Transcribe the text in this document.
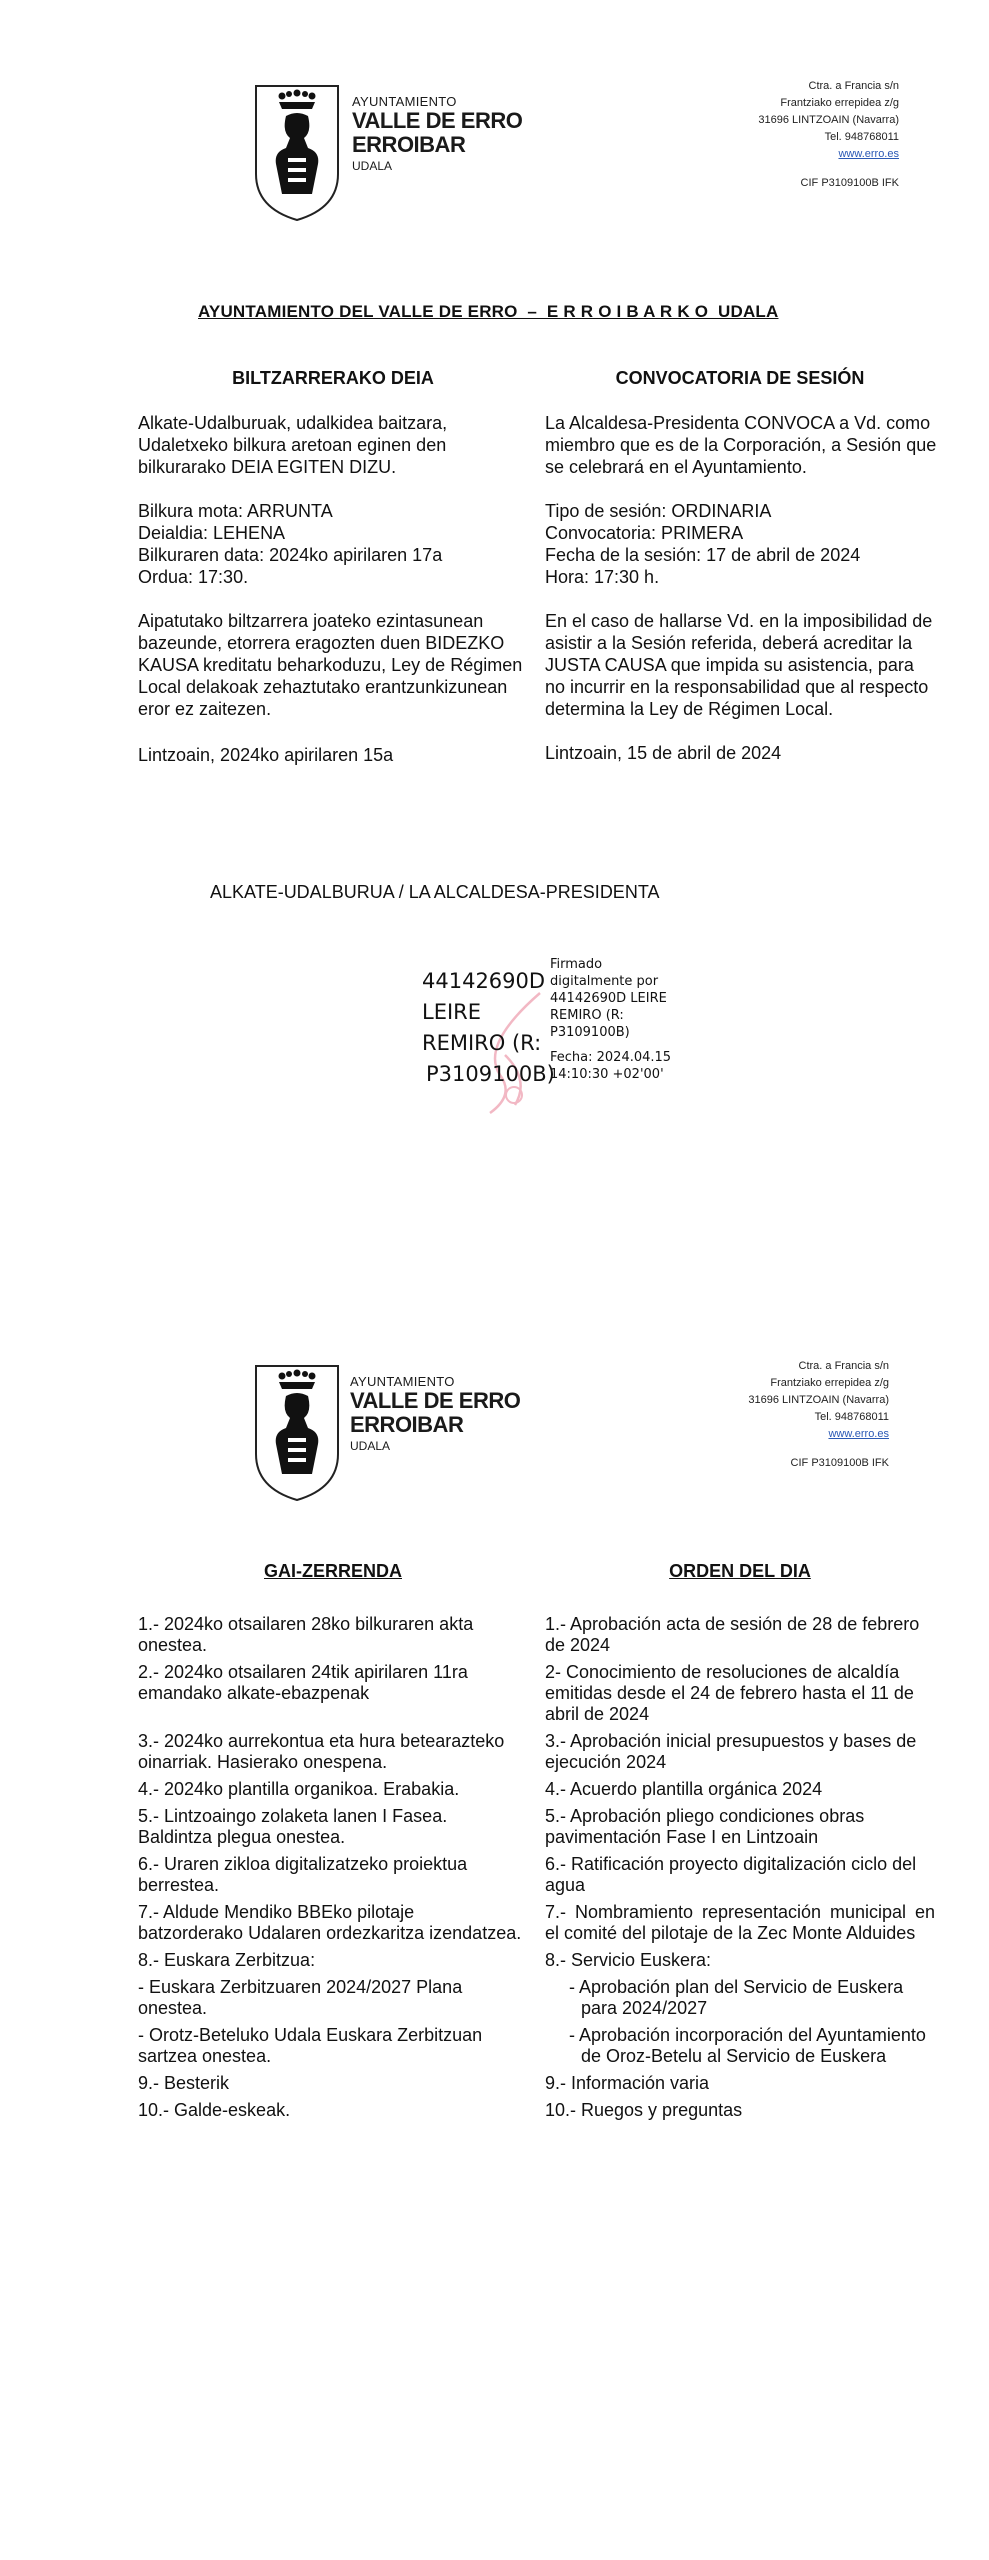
AYUNTAMIENTO
VALLE DE ERRO
ERROIBAR
UDALA
Ctra. a Francia s/n
Frantziako errepidea z/g
31696 LINTZOAIN (Navarra)
Tel. 948768011
www.erro.es
CIF P3109100B IFK
AYUNTAMIENTO DEL VALLE DE ERRO  –  E R R O I B A R K O  UDALA
BILTZARRERAKO DEIA

Alkate-Udalburuak, udalkidea baitzara, Udaletxeko bilkura aretoan eginen den bilkurarako DEIA EGITEN DIZU.

Bilkura mota: ARRUNTA
Deialdia: LEHENA
Bilkuraren data: 2024ko apirilaren 17a

Ordua: 17:30.

Aipatutako biltzarrera joateko ezintasunean bazeunde, etorrera eragozten duen BIDEZKO KAUSA kreditatu beharkoduzu, Ley de Régimen Local delakoak zehaztutako erantzunkizunean eror ez zaitezen.

Lintzoain, 2024ko apirilaren 15a
CONVOCATORIA DE SESIÓN

La Alcaldesa-Presidenta CONVOCA a Vd. como miembro que es de la Corporación, a Sesión que se celebrará en el Ayuntamiento.

Tipo de sesión: ORDINARIA
Convocatoria: PRIMERA
Fecha de la sesión: 17 de abril de 2024

Hora: 17:30 h.

En el caso de hallarse Vd. en la imposibilidad de asistir a la Sesión referida, deberá acreditar la JUSTA CAUSA que impida su asistencia, para no incurrir en la responsabilidad que al respecto determina la Ley de Régimen Local.

Lintzoain, 15 de abril de 2024
ALKATE-UDALBURUA / LA ALCALDESA-PRESIDENTA
44142690D
LEIRE
REMIRO (R:
P3109100B)
Firmado
digitalmente por
44142690D LEIRE
REMIRO (R:
P3109100B)
Fecha: 2024.04.15
14:10:30 +02'00'
AYUNTAMIENTO
VALLE DE ERRO
ERROIBAR
UDALA
Ctra. a Francia s/n
Frantziako errepidea z/g
31696 LINTZOAIN (Navarra)
Tel. 948768011
www.erro.es
CIF P3109100B IFK
GAI-ZERRENDA
1.- 2024ko otsailaren 28ko bilkuraren akta onestea.
2.- 2024ko otsailaren 24tik apirilaren 11ra emandako alkate-ebazpenak
3.- 2024ko aurrekontua eta hura betearazteko oinarriak. Hasierako onespena.
4.- 2024ko plantilla organikoa. Erabakia.
5.- Lintzoaingo zolaketa lanen I Fasea. Baldintza plegua onestea.
6.- Uraren zikloa digitalizatzeko proiektua berrestea.
7.- Aldude Mendiko BBEko pilotaje batzorderako Udalaren ordezkaritza izendatzea.
8.- Euskara Zerbitzua:
- Euskara Zerbitzuaren 2024/2027 Plana onestea.
- Orotz-Beteluko Udala Euskara Zerbitzuan sartzea onestea.
9.- Besterik
10.- Galde-eskeak.
ORDEN DEL DIA
1.- Aprobación acta de sesión de 28 de febrero de 2024
2- Conocimiento de resoluciones de alcaldía emitidas desde el 24 de febrero hasta el 11 de abril de 2024
3.- Aprobación inicial presupuestos y bases de ejecución 2024
4.- Acuerdo plantilla orgánica 2024
5.- Aprobación pliego condiciones obras pavimentación Fase I en Lintzoain
6.- Ratificación proyecto digitalización ciclo del agua
7.- Nombramiento representación municipal en el comité del pilotaje de la Zec Monte Alduides
8.- Servicio Euskera:
- Aprobación plan del Servicio de Euskera para 2024/2027
- Aprobación incorporación del Ayuntamiento de Oroz-Betelu al Servicio de Euskera
9.- Información varia
10.- Ruegos y preguntas
